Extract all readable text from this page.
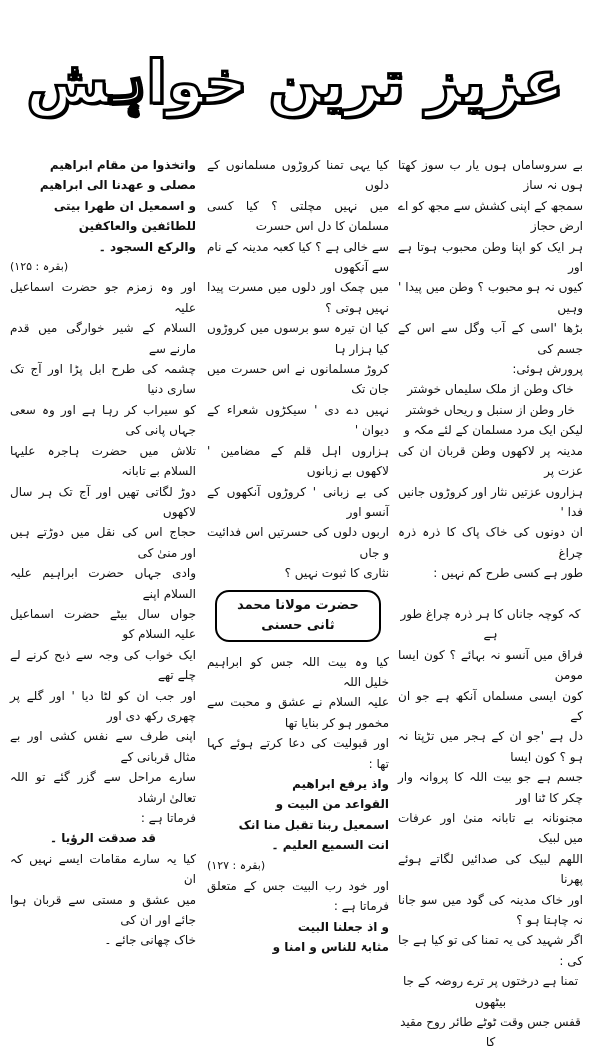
عزیز ترین خواہش
بے سروساماں ہوں یار ب سوز کھتا ہوں نہ ساز
سمجھ کے اپنی کشش سے مجھ کو اے ارض حجاز
ہر ایک کو اپنا وطن محبوب ہوتا ہے اور
کیوں نہ ہو محبوب ؟ وطن میں پیدا ' وہیں
بڑھا 'اسی کے آب وگل سے اس کے جسم کی
پرورش ہوئی:
خاک وطن از ملک سلیماں خوشتر
خار وطن از سنبل و ریحاں خوشتر
لیکن ایک مرد مسلمان کے لئے مکہ و
مدینہ پر لاکھوں وطن قربان ان کی عزت پر
ہزاروں عزتیں نثار اور کروڑوں جانیں فدا '
ان دونوں کی خاک پاک کا ذرہ ذرہ چراغ
طور ہے کسی طرح کم نہیں :
کہ کوچہ جاناں کا ہر ذرہ چراغ طور ہے
فراق میں آنسو نہ بہائے ؟ کون ایسا مومن
کون ایسی مسلماں آنکھ ہے جو ان کے
دل ہے 'جو ان کے ہجر میں تڑپتا نہ ہو ؟ کون ایسا
جسم ہے جو بیت اللہ کا پروانہ وار چکر کا ٹنا اور
مجنونانہ بے تابانہ منیٰ اور عرفات میں لبیک
اللھم لبیک کی صدائیں لگاتے ہوئے پھرنا
اور خاک مدینہ کی گود میں سو جانا نہ چاہتا ہو ؟
اگر شہید کی یہ تمنا کی تو کیا ہے جا کی :
تمنا ہے درختوں پر ترے روضہ کے جا بیٹھوں
قفس جس وقت ٹوٹے طائر روح مقید کا
کیا یہی تمنا کروڑوں مسلمانوں کے دلوں
میں نہیں مچلتی ؟ کیا کسی مسلمان کا دل اس حسرت
سے خالی ہے ؟ کیا کعبہ مدینہ کے نام سے آنکھوں
میں چمک اور دلوں میں مسرت پیدا نہیں ہوتی ؟
کیا ان تیرہ سو برسوں میں کروڑوں کیا ہزار ہا
کروڑ مسلمانوں نے اس حسرت میں جان تک
نہیں دے دی ' سیکڑوں شعراء کے دیوان '
ہزاروں اہل قلم کے مضامین ' لاکھوں بے زبانوں
کی بے زبانی ' کروڑوں آنکھوں کے آنسو اور
اربوں دلوں کی حسرتیں اس فدائیت و جاں
نثاری کا ثبوت نہیں ؟
حضرت مولانا محمد ثانی حسنی
کیا وہ بیت اللہ جس کو ابراہیم خلیل اللہ
علیہ السلام نے عشق و محبت سے مخمور ہو کر بنایا تھا
اور قبولیت کی دعا کرتے ہوئے کہا تھا :
واذ یرفع ابراھیم
القواعد من البیت و
اسمعیل ربنا تقبل منا انک
انت السمیع العلیم ۔
(بقرہ : ۱۲۷)
اور خود رب البیت جس کے متعلق فرماتا ہے :
و اذ جعلنا البیت
مثابۃ للناس و امنا و
واتخذوا من مقام ابراھیم
مصلی و عھدنا الی ابراھیم
و اسمعیل ان طھرا بیتی
للطائفین والعاکفین
والرکع السجود ۔
(بقرہ : ۱۲۵)
اور وہ زمزم جو حضرت اسماعیل علیہ
السلام کے شیر خوارگی میں قدم مارنے سے
چشمہ کی طرح ابل پڑا اور آج تک ساری دنیا
کو سیراب کر رہا ہے اور وہ سعی جہاں پانی کی
تلاش میں حضرت ہاجرہ علیہا السلام بے تابانہ
دوڑ لگاتی تھیں اور آج تک ہر سال لاکھوں
حجاج اس کی نقل میں دوڑتے ہیں اور منیٰ کی
وادی جہاں حضرت ابراہیم علیہ السلام اپنے
جواں سال بیٹے حضرت اسماعیل علیہ السلام کو
ایک خواب کی وجہ سے ذبح کرنے لے چلے تھے
اور جب ان کو لٹا دیا ' اور گلے پر چھری رکھ دی اور
اپنی طرف سے نفس کشی اور بے مثال قربانی کے
سارے مراحل سے گزر گئے تو اللہ تعالیٰ ارشاد
فرماتا ہے :
قد صدقت الرؤیا ۔
کیا یہ سارے مقامات ایسے نہیں کہ ان
میں عشق و مستی سے قربان ہوا جائے اور ان کی
خاک چھانی جائے ۔
